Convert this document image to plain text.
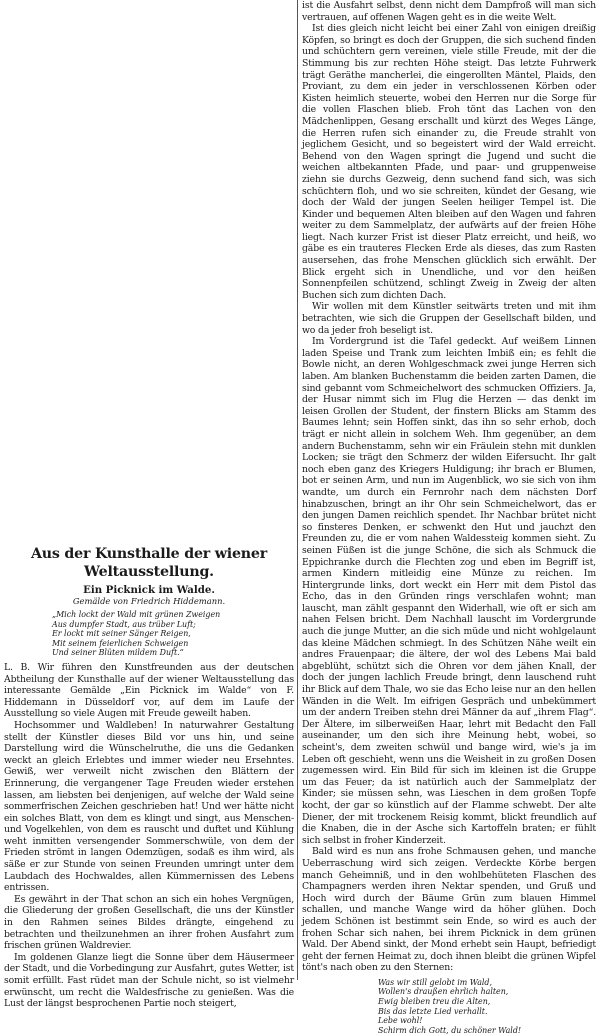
Aus der Kunsthalle der wiener Weltausstellung.
Ein Picknick im Walde.
Gemälde von Friedrich Hiddemann.
„Mich lockt der Wald mit grünen Zweigen
Aus dumpfer Stadt, aus trüber Luft;
Er lockt mit seiner Sänger Reigen,
Mit seinem feierlichen Schweigen
Und seiner Blüten mildem Duft.“

L. B. Wir führen den Kunstfreunden aus der deutschen Abtheilung der Kunsthalle auf der wiener Weltausstellung das interessante Gemälde „Ein Picknick im Walde“ von F. Hiddemann in Düsseldorf vor, auf dem im Laufe der Ausstellung so viele Augen mit Freude geweilt haben.

Hochsommer und Waldleben! In naturwahrer Gestaltung stellt der Künstler dieses Bild vor uns hin, und seine Darstellung wird die Wünschelruthe, die uns die Gedanken weckt an gleich Erlebtes und immer wieder neu Ersehntes. Gewiß, wer verweilt nicht zwischen den Blättern der Erinnerung, die vergangener Tage Freuden wieder erstehen lassen, am liebsten bei denjenigen, auf welche der Wald seine sommerfrischen Zeichen geschrieben hat! Und wer hätte nicht ein solches Blatt, von dem es klingt und singt, aus Menschen- und Vogelkehlen, von dem es rauscht und duftet und Kühlung weht inmitten versengender Sommerschwüle, von dem der Frieden strömt in langen Odemzügen, sodaß es ihm wird, als säße er zur Stunde von seinen Freunden umringt unter dem Laubdach des Hochwaldes, allen Kümmernissen des Lebens entrissen.

Es gewährt in der That schon an sich ein hohes Vergnügen, die Gliederung der großen Gesellschaft, die uns der Künstler in den Rahmen seines Bildes drängte, eingehend zu betrachten und theilzunehmen an ihrer frohen Ausfahrt zum frischen grünen Waldrevier.

Im goldenen Glanze liegt die Sonne über dem Häusermeer der Stadt, und die Vorbedingung zur Ausfahrt, gutes Wetter, ist somit erfüllt. Fast rüdet man der Schule nicht, so ist vielmehr erwünscht, um recht die Waldesfrische zu genießen. Was die Lust der längst besprochenen Partie noch steigert,

ist die Ausfahrt selbst, denn nicht dem Dampfroß will man sich vertrauen, auf offenen Wagen geht es in die weite Welt.

Ist dies gleich nicht leicht bei einer Zahl von einigen dreißig Köpfen, so bringt es doch der Gruppen, die sich suchend finden und schüchtern gern vereinen, viele stille Freude, mit der die Stimmung bis zur rechten Höhe steigt. Das letzte Fuhrwerk trägt Geräthe mancherlei, die eingerollten Mäntel, Plaids, den Proviant, zu dem ein jeder in verschlossenen Körben oder Kisten heimlich steuerte, wobei den Herren nur die Sorge für die vollen Flaschen blieb. Froh tönt das Lachen von den Mädchenlippen, Gesang erschallt und kürzt des Weges Länge, die Herren rufen sich einander zu, die Freude strahlt von jeglichem Gesicht, und so begeistert wird der Wald erreicht. Behend von den Wagen springt die Jugend und sucht die weichen altbekannten Pfade, und paar- und gruppenweise ziehn sie durchs Gezweig, denn suchend fand sich, was sich schüchtern floh, und wo sie schreiten, kündet der Gesang, wie doch der Wald der jungen Seelen heiliger Tempel ist. Die Kinder und bequemen Alten bleiben auf den Wagen und fahren weiter zu dem Sammelplatz, der aufwärts auf der freien Höhe liegt. Nach kurzer Frist ist dieser Platz erreicht, und heiß, wo gäbe es ein trauteres Flecken Erde als dieses, das zum Rasten ausersehen, das frohe Menschen glücklich sich erwählt. Der Blick ergeht sich in Unendliche, und vor den heißen Sonnenpfeilen schützend, schlingt Zweig in Zweig der alten Buchen sich zum dichten Dach.

Wir wollen mit dem Künstler seitwärts treten und mit ihm betrachten, wie sich die Gruppen der Gesellschaft bilden, und wo da jeder froh beseligt ist.

Im Vordergrund ist die Tafel gedeckt. Auf weißem Linnen laden Speise und Trank zum leichten Imbiß ein; es fehlt die Bowle nicht, an deren Wohlgeschmack zwei junge Herren sich laben. Am blanken Buchenstamm die beiden zarten Damen, die sind gebannt vom Schmeichelwort des schmucken Offiziers. Ja, der Husar nimmt sich im Flug die Herzen — das denkt im leisen Grollen der Student, der finstern Blicks am Stamm des Baumes lehnt; sein Hoffen sinkt, das ihn so sehr erhob, doch trägt er nicht allein in solchem Weh. Ihm gegenüber, an dem andern Buchenstamm, sehn wir ein Fräulein stehn mit dunklen Locken; sie trägt den Schmerz der wilden Eifersucht. Ihr galt noch eben ganz des Kriegers Huldigung; ihr brach er Blumen, bot er seinen Arm, und nun im Augenblick, wo sie sich von ihm wandte, um durch ein Fernrohr nach dem nächsten Dorf hinabzuschen, bringt an ihr Ohr sein Schmeichelwort, das er den jungen Damen reichlich spendet. Ihr Nachbar brütet nicht so finsteres Denken, er schwenkt den Hut und jauchzt den Freunden zu, die er vom nahen Waldessteig kommen sieht. Zu seinen Füßen ist die junge Schöne, die sich als Schmuck die Eppichranke durch die Flechten zog und eben im Begriff ist, armen Kindern mitleidig eine Münze zu reichen. Im Hintergrunde links, dort weckt ein Herr mit dem Pistol das Echo, das in den Gründen rings verschlafen wohnt; man lauscht, man zählt gespannt den Widerhall, wie oft er sich am nahen Felsen bricht. Dem Nachhall lauscht im Vordergrunde auch die junge Mutter, an die sich müde und nicht wohlgelaunt das kleine Mädchen schmiegt. In des Schützen Nähe weilt ein andres Frauenpaar; die ältere, der wol des Lebens Mai bald abgeblüht, schützt sich die Ohren vor dem jähen Knall, der doch der jungen lachlich Freude bringt, denn lauschend ruht ihr Blick auf dem Thale, wo sie das Echo leise nur an den hellen Wänden in die Welt. Im eifrigen Gespräch und unbekümmert um der andern Treiben stehn drei Männer da auf „ihrem Flag“. Der Ältere, im silberweißen Haar, lehrt mit Bedacht den Fall auseinander, um den sich ihre Meinung hebt, wobei, so scheint's, dem zweiten schwül und bange wird, wie's ja im Leben oft geschieht, wenn uns die Weisheit in zu großen Dosen zugemessen wird. Ein Bild für sich im kleinen ist die Gruppe um das Feuer; da ist natürlich auch der Sammelplatz der Kinder; sie müssen sehn, was Lieschen in dem großen Topfe kocht, der gar so künstlich auf der Flamme schwebt. Der alte Diener, der mit trockenem Reisig kommt, blickt freundlich auf die Knaben, die in der Asche sich Kartoffeln braten; er fühlt sich selbst in froher Kinderzeit.

Bald wird es nun ans frohe Schmausen gehen, und manche Ueberraschung wird sich zeigen. Verdeckte Körbe bergen manch Geheimniß, und in den wohlbehüteten Flaschen des Champagners werden ihren Nektar spenden, und Gruß und Hoch wird durch der Bäume Grün zum blauen Himmel schallen, und manche Wange wird da höher glühen. Doch jedem Schönen ist bestimmt sein Ende, so wird es auch der frohen Schar sich nahen, bei ihrem Picknick in dem grünen Wald. Der Abend sinkt, der Mond erhebt sein Haupt, befriedigt geht der fernen Heimat zu, doch ihnen bleibt die grünen Wipfel tönt's nach oben zu den Sternen:

Was wir still gelobt im Wald,
Wollen's draußen ehrlich halten,
Ewig bleiben treu die Alten,
Bis das letzte Lied verhallt.
Lebe wohl!
Schirm dich Gott, du schöner Wald!
